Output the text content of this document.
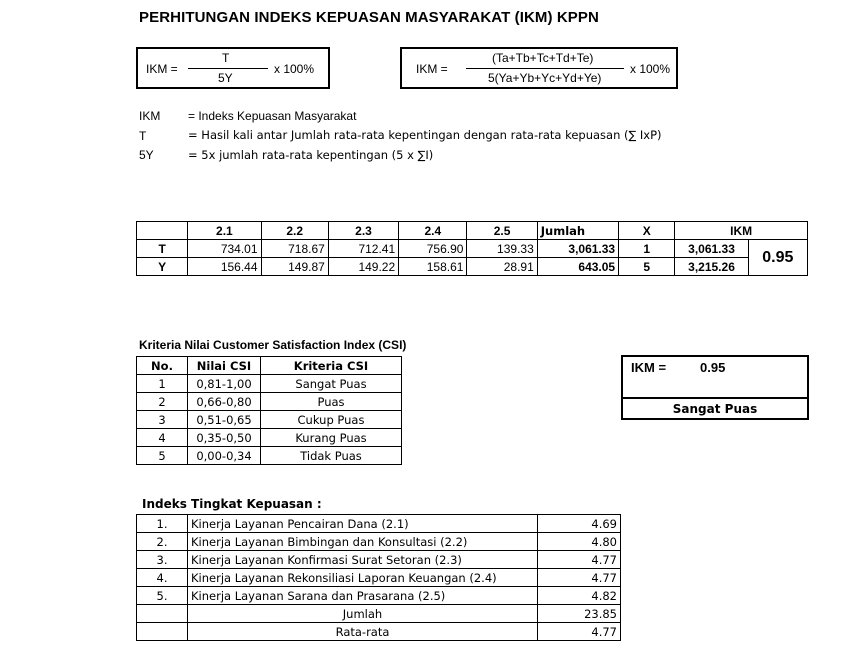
PERHITUNGAN INDEKS KEPUASAN MASYARAKAT (IKM) KPPN
IKM =
T
5Y
x 100%	IKM =
(Ta+Tb+Tc+Td+Te)
5(Ya+Yb+Yc+Yd+Ye)
x 100%
IKM = Indeks Kepuasan Masyarakat
T	= Hasil kali antar Jumlah rata-rata kepentingan dengan rata-rata kepuasan (∑ IxP)
5Y	= 5x jumlah rata-rata kepentingan (5 x ∑I)
	2.1	2.2	2.3	2.4	2.5	Jumlah	X	IKM	
T	734.01	718.67	712.41	756.90	139.33	3,061.33	1	3,061.33	0.95
Y	156.44	149.87	149.22	158.61	28.91	643.05	5	3,215.26	
Kriteria Nilai Customer Satisfaction Index (CSI)
No.	Nilai CSI	Kriteria CSI
1	0,81-1,00	Sangat Puas
2	0,66-0,80	Puas
3	0,51-0,65	Cukup Puas
4	0,35-0,50	Kurang Puas
5	0,00-0,34	Tidak Puas
IKM =	0.95
Sangat Puas
Indeks Tingkat Kepuasan :
1.	Kinerja Layanan Pencairan Dana (2.1)	4.69
2.	Kinerja Layanan Bimbingan dan Konsultasi (2.2)	4.80
3.	Kinerja Layanan Konfirmasi Surat Setoran (2.3)	4.77
4.	Kinerja Layanan Rekonsiliasi Laporan Keuangan (2.4)	4.77
5.	Kinerja Layanan Sarana dan Prasarana (2.5)	4.82
	Jumlah	23.85
	Rata-rata	4.77
